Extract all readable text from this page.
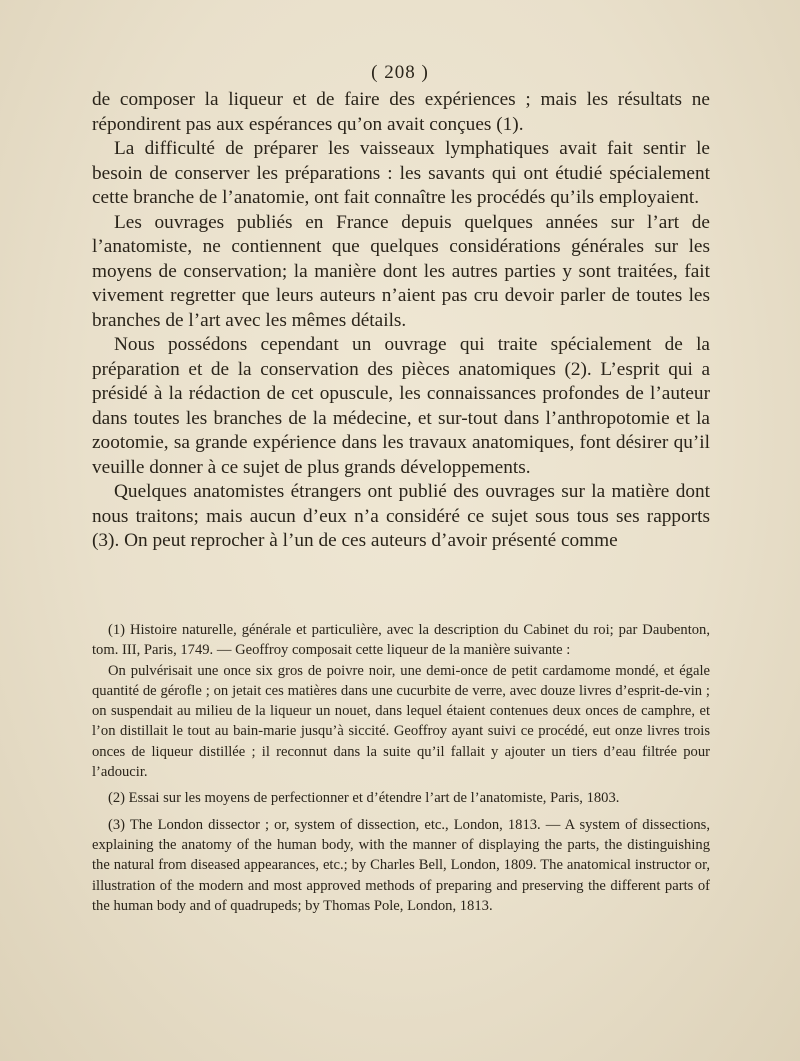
( 208 )

de composer la liqueur et de faire des expériences ; mais les résultats ne répondirent pas aux espérances qu’on avait conçues (1).

La difficulté de préparer les vaisseaux lymphatiques avait fait sentir le besoin de conserver les préparations : les savants qui ont étudié spécialement cette branche de l’anatomie, ont fait connaître les procédés qu’ils employaient.

Les ouvrages publiés en France depuis quelques années sur l’art de l’anatomiste, ne contiennent que quelques considérations générales sur les moyens de conservation; la manière dont les autres parties y sont traitées, fait vivement regretter que leurs auteurs n’aient pas cru devoir parler de toutes les branches de l’art avec les mêmes détails.

Nous possédons cependant un ouvrage qui traite spécialement de la préparation et de la conservation des pièces anatomiques (2). L’esprit qui a présidé à la rédaction de cet opuscule, les connaissances profondes de l’auteur dans toutes les branches de la médecine, et sur-tout dans l’anthropotomie et la zootomie, sa grande expérience dans les travaux anatomiques, font désirer qu’il veuille donner à ce sujet de plus grands développements.

Quelques anatomistes étrangers ont publié des ouvrages sur la matière dont nous traitons; mais aucun d’eux n’a considéré ce sujet sous tous ses rapports (3). On peut reprocher à l’un de ces auteurs d’avoir présenté comme

(1) Histoire naturelle, générale et particulière, avec la description du Cabinet du roi; par Daubenton, tom. III, Paris, 1749. — Geoffroy composait cette liqueur de la manière suivante :

On pulvérisait une once six gros de poivre noir, une demi-once de petit cardamome mondé, et égale quantité de gérofle ; on jetait ces matières dans une cucurbite de verre, avec douze livres d’esprit-de-vin ; on suspendait au milieu de la liqueur un nouet, dans lequel étaient contenues deux onces de camphre, et l’on distillait le tout au bain-marie jusqu’à siccité. Geoffroy ayant suivi ce procédé, eut onze livres trois onces de liqueur distillée ; il reconnut dans la suite qu’il fallait y ajouter un tiers d’eau filtrée pour l’adoucir.

(2) Essai sur les moyens de perfectionner et d’étendre l’art de l’anatomiste, Paris, 1803.

(3) The London dissector ; or, system of dissection, etc., London, 1813. — A system of dissections, explaining the anatomy of the human body, with the manner of displaying the parts, the distinguishing the natural from diseased appearances, etc.; by Charles Bell, London, 1809. The anatomical instructor or, illustration of the modern and most approved methods of preparing and preserving the different parts of the human body and of quadrupeds; by Thomas Pole, London, 1813.
